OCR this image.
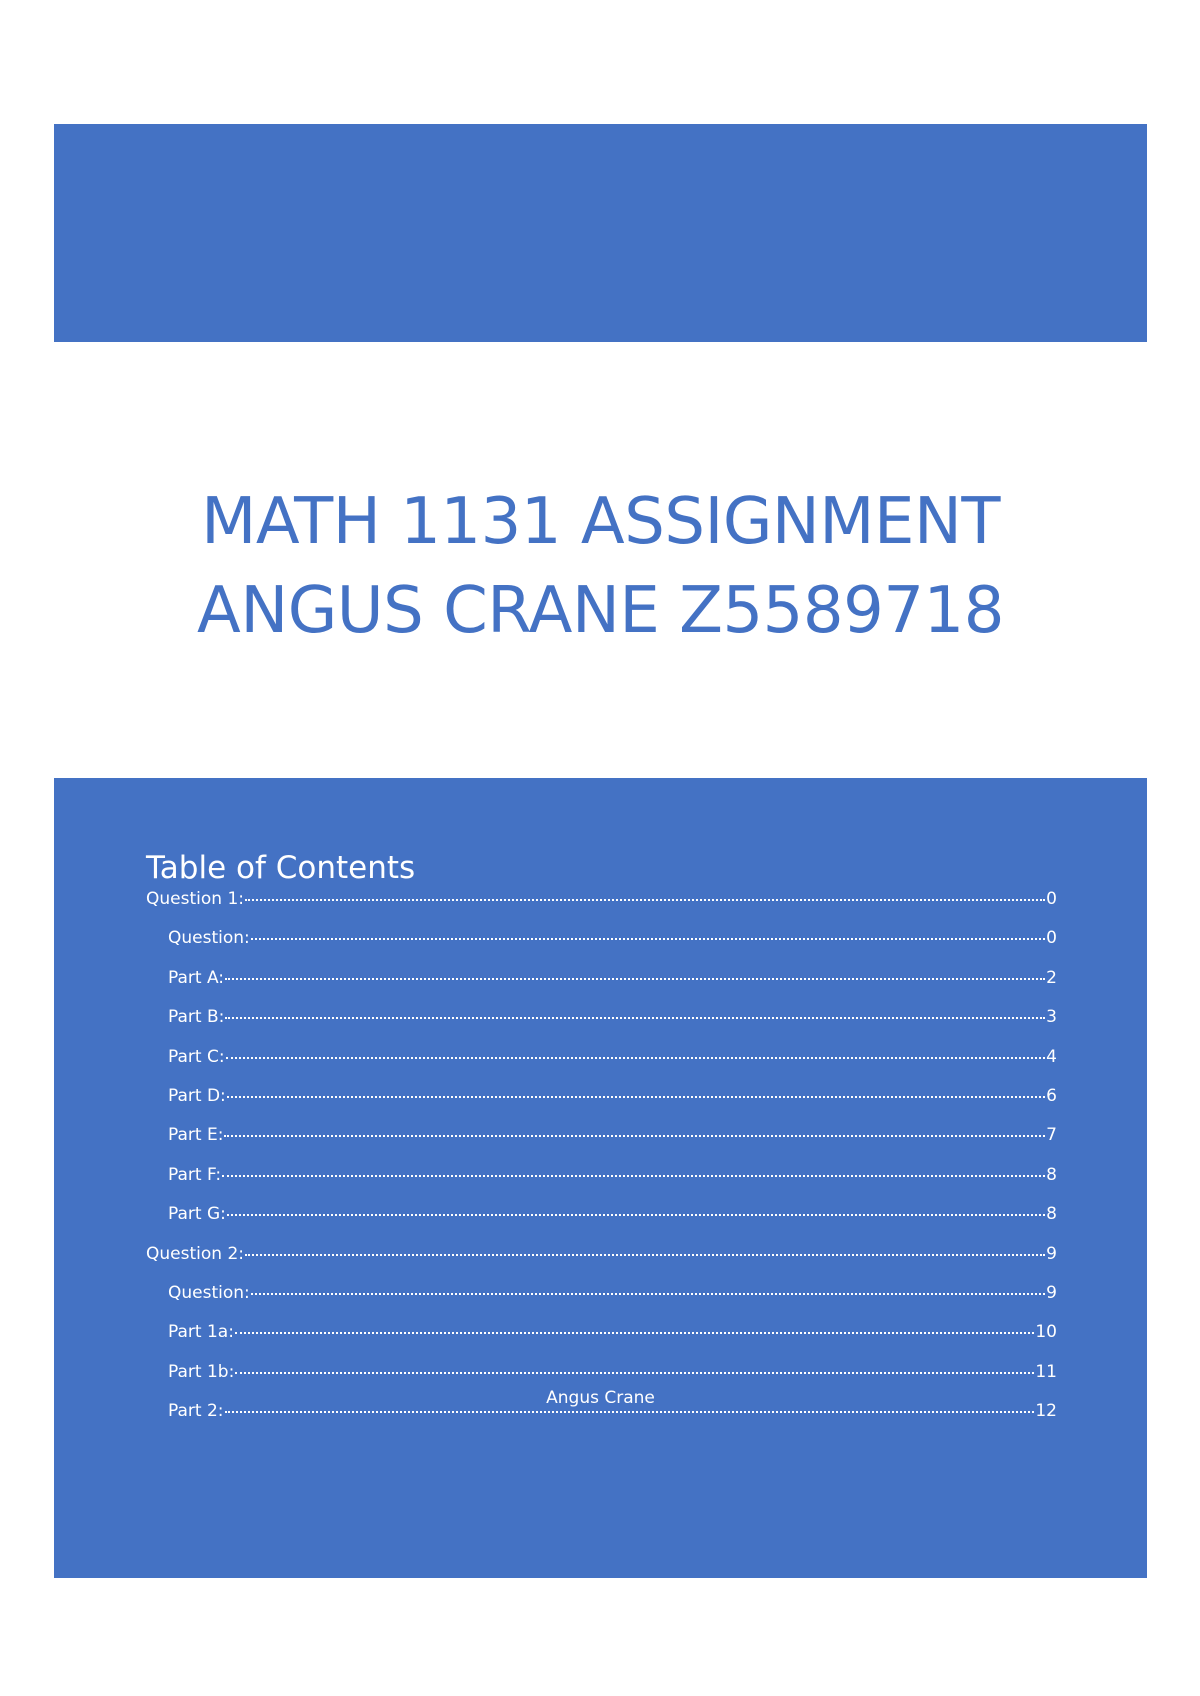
MATH 1131 ASSIGNMENT
ANGUS CRANE Z5589718
Table of Contents
Question 1:	0
Question:	0
Part A:	2
Part B:	3
Part C:	4
Part D:	6
Part E:	7
Part F:	8
Part G:	8
Question 2:	9
Question:	9
Part 1a:	10
Part 1b:	11
Part 2:	12
Angus Crane
